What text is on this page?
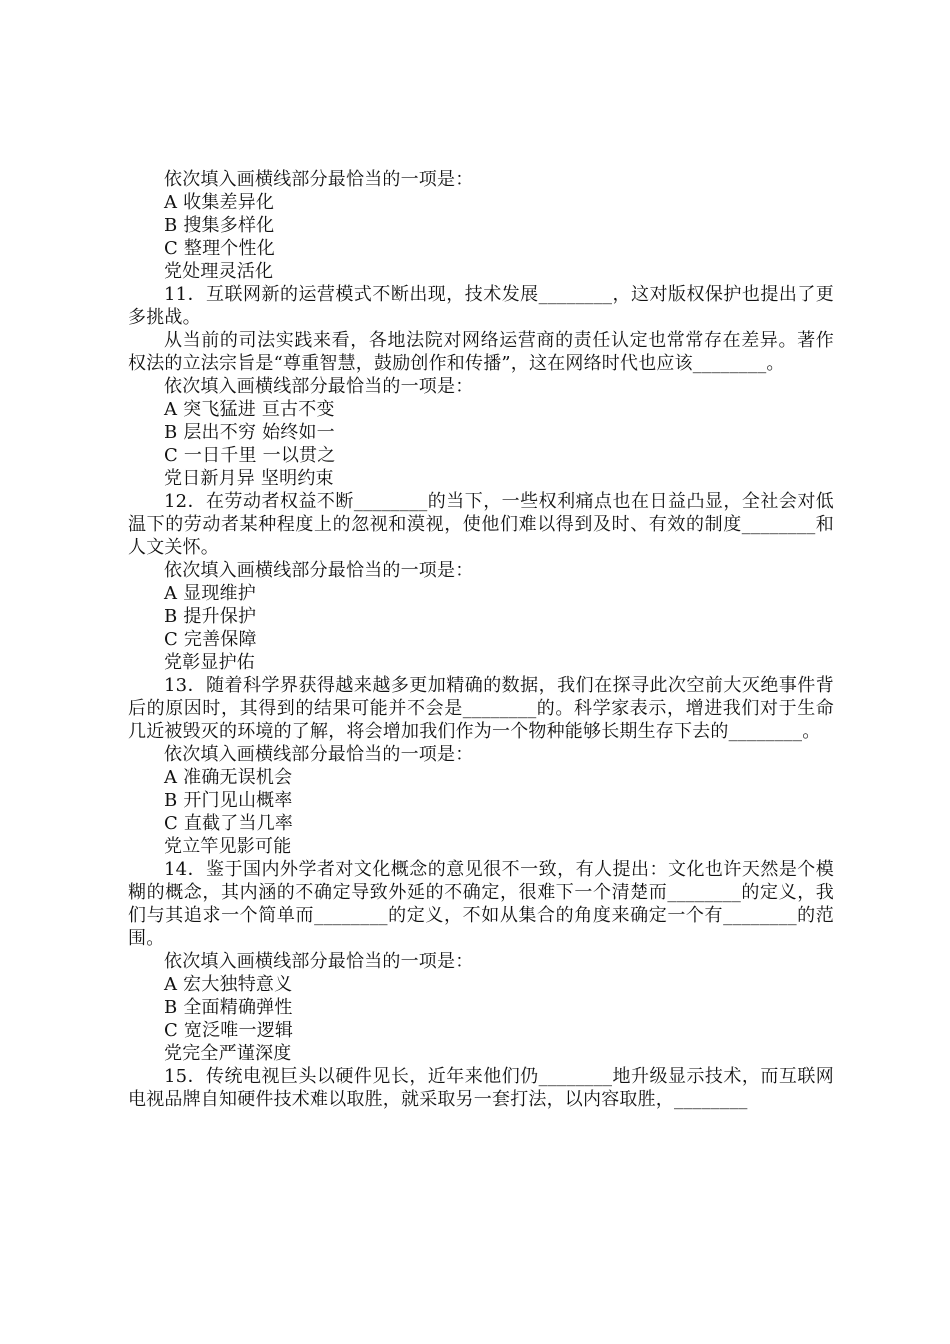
依次填入画横线部分最恰当的一项是：

A 收集差异化

B 搜集多样化

C 整理个性化

党处理灵活化

11．互联网新的运营模式不断出现，技术发展________，这对版权保护也提出了更多挑战。

从当前的司法实践来看，各地法院对网络运营商的责任认定也常常存在差异。著作权法的立法宗旨是“尊重智慧，鼓励创作和传播”，这在网络时代也应该________。

依次填入画横线部分最恰当的一项是：

A 突飞猛进 亘古不变

B 层出不穷 始终如一

C 一日千里 一以贯之

党日新月异 坚明约束

12．在劳动者权益不断________的当下，一些权利痛点也在日益凸显，全社会对低温下的劳动者某种程度上的忽视和漠视，使他们难以得到及时、有效的制度________和人文关怀。

依次填入画横线部分最恰当的一项是：

A 显现维护

B 提升保护

C 完善保障

党彰显护佑

13．随着科学界获得越来越多更加精确的数据，我们在探寻此次空前大灭绝事件背后的原因时，其得到的结果可能并不会是________的。科学家表示，增进我们对于生命几近被毁灭的环境的了解，将会增加我们作为一个物种能够长期生存下去的________。

依次填入画横线部分最恰当的一项是：

A 准确无误机会

B 开门见山概率

C 直截了当几率

党立竿见影可能

14．鉴于国内外学者对文化概念的意见很不一致，有人提出：文化也许天然是个模糊的概念，其内涵的不确定导致外延的不确定，很难下一个清楚而________的定义，我们与其追求一个简单而________的定义，不如从集合的角度来确定一个有________的范围。

依次填入画横线部分最恰当的一项是：

A 宏大独特意义

B 全面精确弹性

C 宽泛唯一逻辑

党完全严谨深度

15．传统电视巨头以硬件见长，近年来他们仍________地升级显示技术，而互联网电视品牌自知硬件技术难以取胜，就采取另一套打法，以内容取胜，________
